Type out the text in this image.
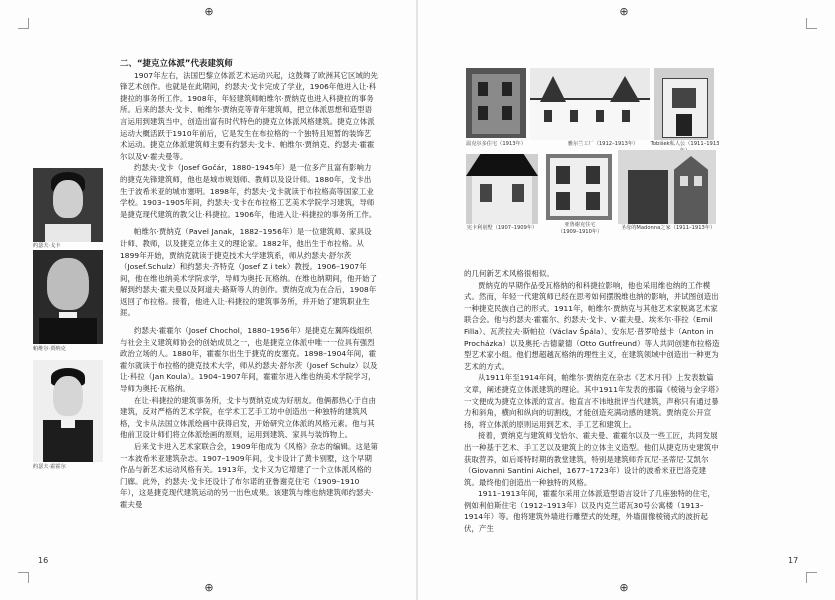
⊕
⊕

二、“捷克立体派”代表建筑师

1907年左右，法国巴黎立体派艺术运动兴起，这鼓舞了欧洲其它区域的先锋艺术创作。也就是在此期间，约瑟夫·戈卡完成了学业，1906年他进入让·科捷拉的事务所工作。1908年，年轻建筑师帕维尔·贾纳克也进入科捷拉的事务所。后来的瑟夫·戈卡、帕维尔·贾纳克等青年建筑师，把立体派思想和造型语言运用到建筑当中，创造出富有时代特色的捷克立体派风格建筑。捷克立体派运动大概活跃于1910年前后，它是发生在布拉格的一个独特且短暂的装饰艺术运动。捷克立体派建筑师主要有约瑟夫·戈卡、帕维尔·贾纳克、约瑟夫·霍霍尔以及V·霍夫曼等。

约瑟夫·戈卡（Josef Gočár，1880–1945年）是一位多产且富有影响力的捷克先锋建筑师，他也是城市规划师、教师以及设计师。1880年，戈卡出生于波希米亚的城市塞明。1898年，约瑟夫·戈卡就读于布拉格高等国家工业学校。1903–1905年间，约瑟夫·戈卡在布拉格工艺美术学院学习建筑，导师是捷克现代建筑的教父让·科捷拉。1906年，他进入让·科捷拉的事务所工作。

帕维尔·贾纳克（Pavel Janak，1882–1956年）是一位建筑师、家具设计师、教师，以及捷克立体主义的理论家。1882年，他出生于布拉格。从1899年开始，贾纳克就读于捷克技术大学建筑系，师从约瑟夫·舒尔茨（Josef.Schulz）和约瑟夫·齐特克（Josef Z i tek）教授。1906–1907年间，他在维也纳美术学院求学，导师为奥托·瓦格纳。在维也纳期间，他开始了解到约瑟夫·霍夫曼以及阿道夫·路斯等人的创作。贾纳克成为在合后，1908年返回了布拉格。接着，他进入让·科捷拉的建筑事务所，并开始了建筑职业生涯。

约瑟夫·霍霍尔（Josef Chochol，1880–1956年）是捷克左翼阵线组织与社会主义建筑师协会的创始成员之一，也是捷克立体派中唯一一位具有强烈政治立场的人。1880年，霍霍尔出生于捷克的皮塞克。1898–1904年间，霍霍尔就读于布拉格的捷克技术大学，师从约瑟夫·舒尔茨（Josef Schulz）以及让·科拉（Jan Koula）。1904–1907年间，霍霍尔进入维也纳美术学院学习，导师为奥托·瓦格纳。

在让·科捷拉的建筑事务所，戈卡与贾纳克成为好朋友。他俩都热心于自由建筑，反对严格的艺术学院，在学术工艺手工坊中创造出一种独特的建筑风格，戈卡从法国立体派绘画中获得启发，开始研究立体派的风格元素。他与其他前卫设计师们将立体派绘画的原则，运用到建筑、家具与装饰物上。

后来戈卡进入艺术家联合会，1909年他成为《风格》杂志的编辑。这是第一本波希米亚建筑杂志。1907–1909年间，戈卡设计了黄卡别墅，这个早期作品与新艺术运动风格有关。1913年，戈卡又为它增建了一个立体派风格的门廊。此外，约瑟夫·戈卡还设计了布尔诺的亚鲁谢克住宅（1909–1910年），这是捷克现代建筑运动的另一出色成果。该建筑与维也纳建筑师约瑟夫·霍夫曼

约瑟夫·戈卡
帕维尔·贾纳克
约瑟夫·霍霍尔
16
⊕
⊕
温克尔多住宅（1913年）	雅尔兰工厂（1912–1913年）	Tobišek私人公（1911–1913
宪卡利别墅（1907–1909年）	亚鲁谢克住宅
（1909–1910年）
圣母的Madonna之家（1911–1913年）

的几何新艺术风格很相似。

贾纳克的早期作品受瓦格纳的和科捷拉影响，他也采用维也纳的工作模式。然而，年轻一代建筑师已经在思考如何摆脱维也纳的影响，并试图创造出一种捷克民族自己的形式。1911年，帕维尔·贾纳克与其他艺术家脱离艺术家联合会。他与约瑟夫·霍霍尔、约瑟夫·戈卡、V·霍夫曼、埃米尔·菲拉（Emil Filla）、瓦茨拉夫·斯帕拉（Václav Špála）、安东尼·普罗哈兹卡（Anton in Procházka）以及奥托·古德蒙德（Otto Gutfreund）等人共同创建布拉格造型艺术家小组。他们想超越瓦格纳的理性主义，在建筑领域中创造出一种更为艺术的方式。

从1911年至1914年间，帕维尔·贾纳克在杂志《艺术月刊》上发表数篇文章，阐述捷克立体派建筑的理论。其中1911年发表的那篇《棱镜与金字塔》一文便成为捷克立体派的宣言。他直言不讳地批评当代建筑，声称只有通过暴力和斜角，横向和纵向的切割线，才能创造充满动感的建筑。贾纳克公开宣扬，将立体派的原则运用到艺术、手工艺和建筑上。

接着，贾纳克与建筑师戈恰尔、霍夫曼、霍霍尔以及一些工匠，共同发展出一种基于艺术、手工艺以及建筑上的立体主义造型。他们从捷克历史建筑中获取营养，如后哥特时期的教堂建筑，特别是建筑师乔瓦尼·圣蒂尼·艾凯尔（Giovanni Santini Aichel，1677–1723年）设计的波希米亚巴洛克建筑。最终他们创造出一种独特的风格。

1911–1913年间，霍霍尔采用立体派造型语言设计了几座独特的住宅，例如利伯斯住宅（1912–1913年）以及内克兰诺瓦30号公寓楼（1913–1914年）等。他将建筑外墙进行雕塑式的处理，外墙面像棱镜式的波折起伏，产生

17
